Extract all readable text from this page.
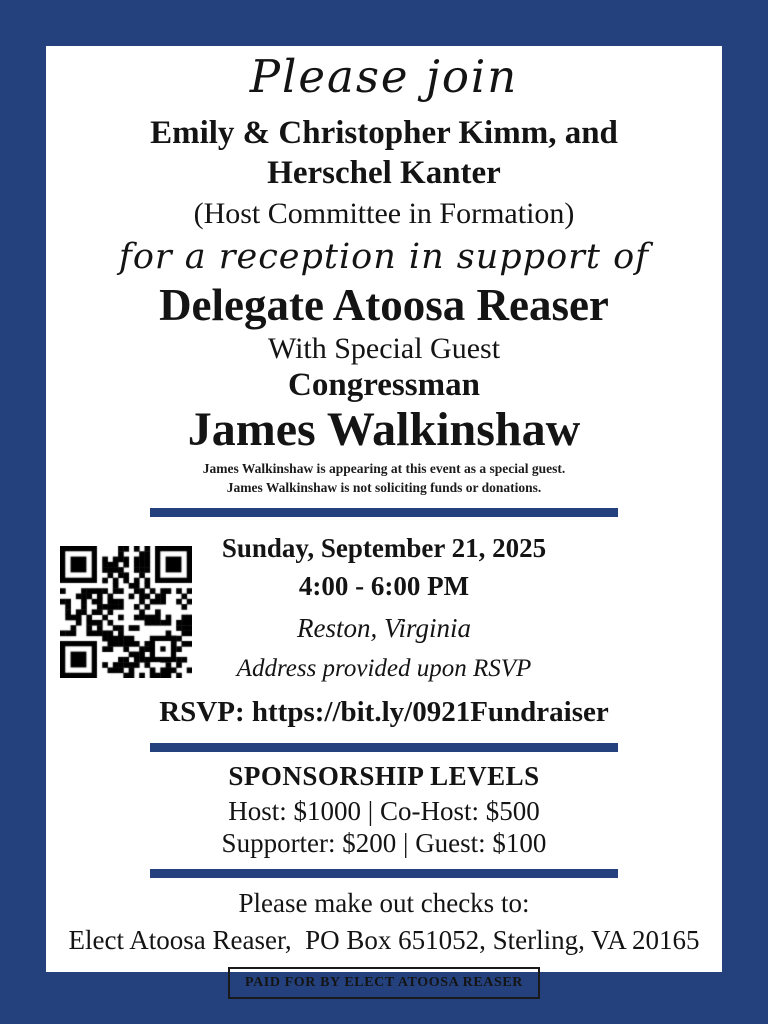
Please join
Emily & Christopher Kimm, and
Herschel Kanter
(Host Committee in Formation)
for a reception in support of
Delegate Atoosa Reaser
With Special Guest
Congressman
James Walkinshaw
James Walkinshaw is appearing at this event as a special guest.
James Walkinshaw is not soliciting funds or donations.
Sunday, September 21, 2025
4:00 - 6:00 PM
Reston, Virginia
Address provided upon RSVP
RSVP: https://bit.ly/0921Fundraiser
SPONSORSHIP LEVELS
Host: $1000 | Co-Host: $500
Supporter: $200 | Guest: $100
Please make out checks to:
Elect Atoosa Reaser,  PO Box 651052, Sterling, VA 20165
PAID FOR BY ELECT ATOOSA REASER
